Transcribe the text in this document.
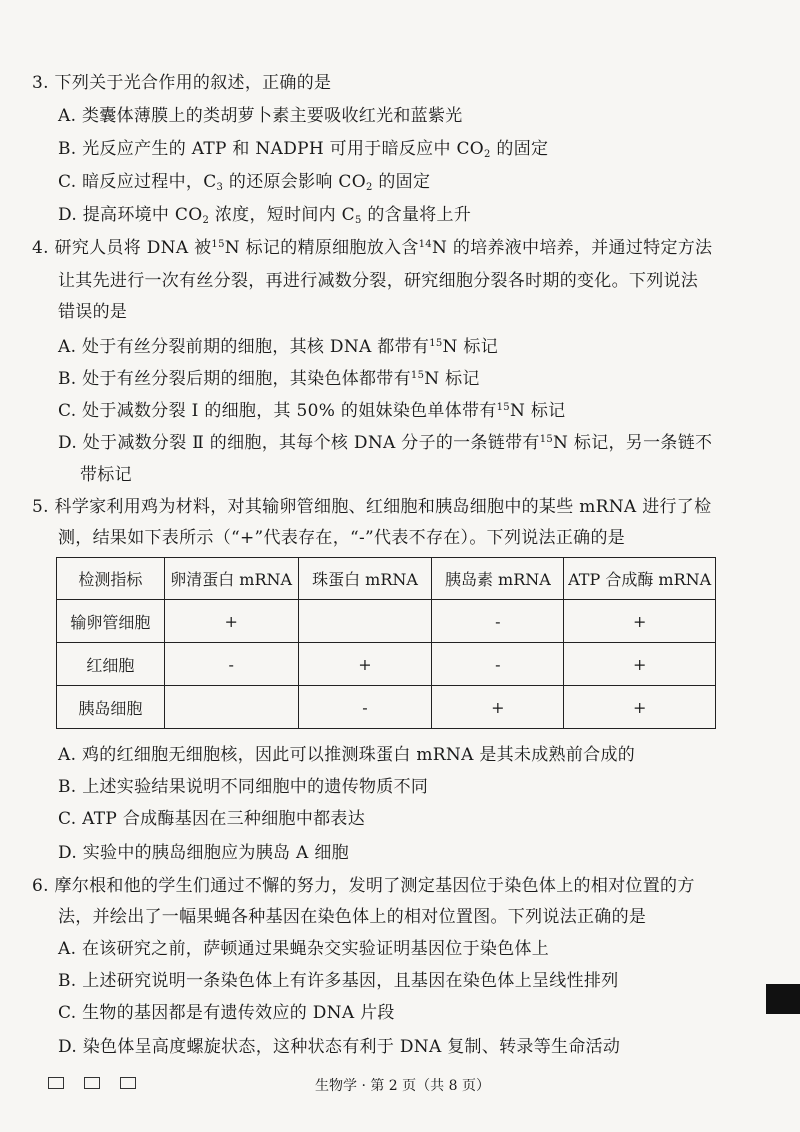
3. 下列关于光合作用的叙述，正确的是
A. 类囊体薄膜上的类胡萝卜素主要吸收红光和蓝紫光
B. 光反应产生的 ATP 和 NADPH 可用于暗反应中 $CO_2$ 的固定
C. 暗反应过程中，$C_3$ 的还原会影响 $CO_2$ 的固定
D. 提高环境中 $CO_2$ 浓度，短时间内 $C_5$ 的含量将上升
4. 研究人员将 DNA 被$^{15}$N 标记的精原细胞放入含$^{14}$N 的培养液中培养，并通过特定方法
让其先进行一次有丝分裂，再进行减数分裂，研究细胞分裂各时期的变化。下列说法
错误的是
A. 处于有丝分裂前期的细胞，其核 DNA 都带有$^{15}$N 标记
B. 处于有丝分裂后期的细胞，其染色体都带有$^{15}$N 标记
C. 处于减数分裂 Ⅰ 的细胞，其 50% 的姐妹染色单体带有$^{15}$N 标记
D. 处于减数分裂 Ⅱ 的细胞，其每个核 DNA 分子的一条链带有$^{15}$N 标记，另一条链不
带标记
5. 科学家利用鸡为材料，对其输卵管细胞、红细胞和胰岛细胞中的某些 mRNA 进行了检
测，结果如下表所示（“+”代表存在，“-”代表不存在）。下列说法正确的是
检测指标	卵清蛋白 mRNA	珠蛋白 mRNA	胰岛素 mRNA	ATP 合成酶 mRNA
输卵管细胞	+		-	+
红细胞	-	+	-	+
胰岛细胞		-	+	+
A. 鸡的红细胞无细胞核，因此可以推测珠蛋白 mRNA 是其未成熟前合成的
B. 上述实验结果说明不同细胞中的遗传物质不同
C. ATP 合成酶基因在三种细胞中都表达
D. 实验中的胰岛细胞应为胰岛 A 细胞
6. 摩尔根和他的学生们通过不懈的努力，发明了测定基因位于染色体上的相对位置的方
法，并绘出了一幅果蝇各种基因在染色体上的相对位置图。下列说法正确的是
A. 在该研究之前，萨顿通过果蝇杂交实验证明基因位于染色体上
B. 上述研究说明一条染色体上有许多基因，且基因在染色体上呈线性排列
C. 生物的基因都是有遗传效应的 DNA 片段
D. 染色体呈高度螺旋状态，这种状态有利于 DNA 复制、转录等生命活动
生物学 · 第 2 页（共 8 页）
